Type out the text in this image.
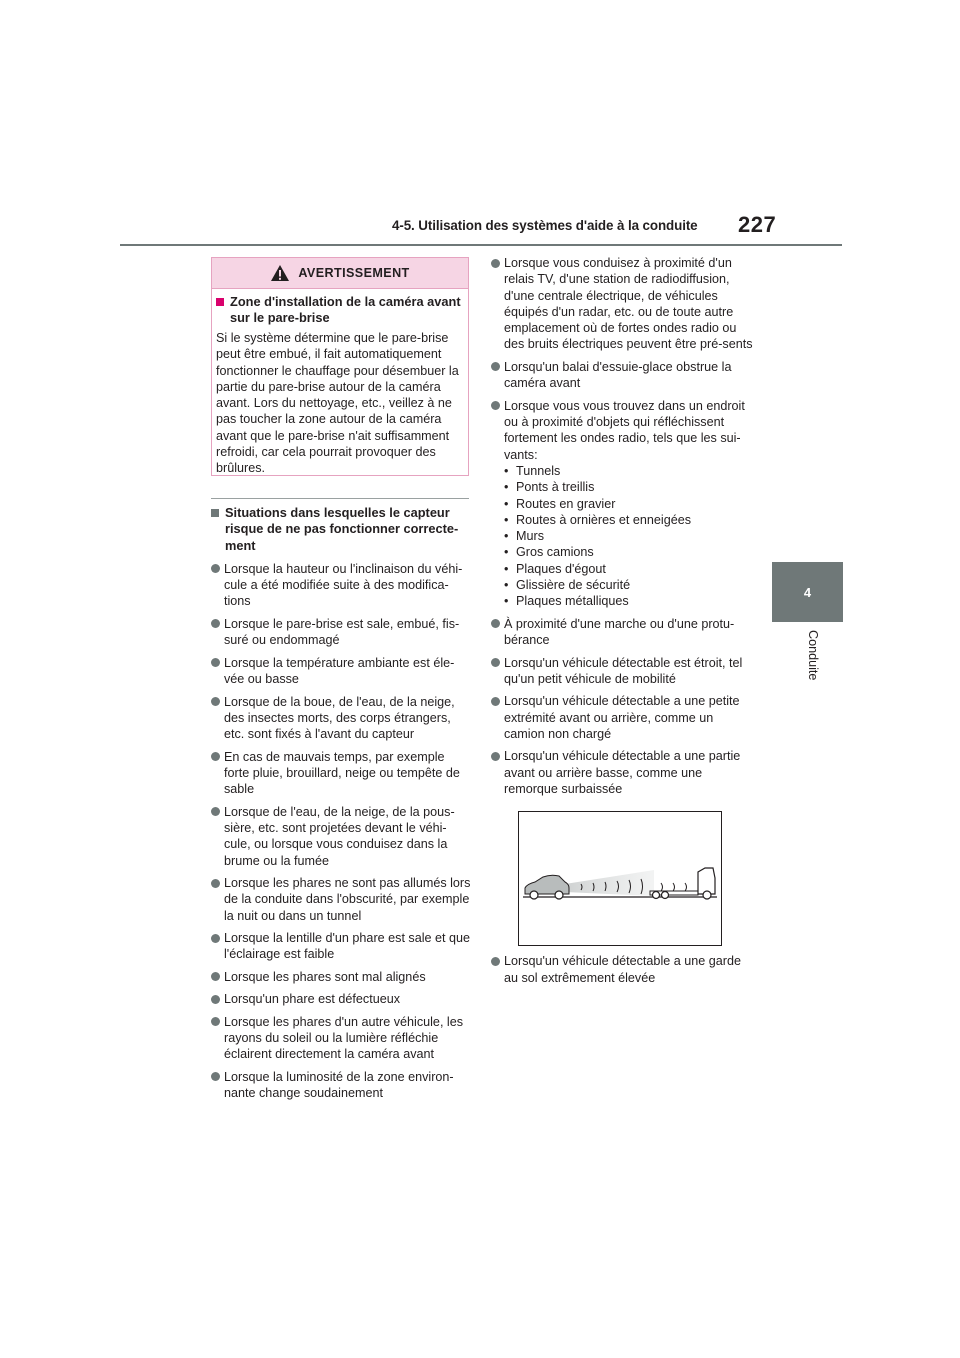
4-5. Utilisation des systèmes d'aide à la conduite 227
4
Conduite
AVERTISSEMENT
Zone d'installation de la caméra avant sur le pare-brise
Si le système détermine que le pare-brise peut être embué, il fait automatiquement fonctionner le chauffage pour désembuer la partie du pare-brise autour de la caméra avant. Lors du nettoyage, etc., veillez à ne pas toucher la zone autour de la caméra avant que le pare-brise n'ait suffisamment refroidi, car cela pourrait provoquer des brûlures.
Situations dans lesquelles le capteur risque de ne pas fonctionner correcte-ment
Lorsque la hauteur ou l'inclinaison du véhi-cule a été modifiée suite à des modifica-tions
Lorsque le pare-brise est sale, embué, fis-suré ou endommagé
Lorsque la température ambiante est éle-vée ou basse
Lorsque de la boue, de l'eau, de la neige, des insectes morts, des corps étrangers, etc. sont fixés à l'avant du capteur
En cas de mauvais temps, par exemple forte pluie, brouillard, neige ou tempête de sable
Lorsque de l'eau, de la neige, de la pous-sière, etc. sont projetées devant le véhi-cule, ou lorsque vous conduisez dans la brume ou la fumée
Lorsque les phares ne sont pas allumés lors de la conduite dans l'obscurité, par exemple la nuit ou dans un tunnel
Lorsque la lentille d'un phare est sale et que l'éclairage est faible
Lorsque les phares sont mal alignés
Lorsqu'un phare est défectueux
Lorsque les phares d'un autre véhicule, les rayons du soleil ou la lumière réfléchie éclairent directement la caméra avant
Lorsque la luminosité de la zone environ-nante change soudainement
Lorsque vous conduisez à proximité d'un relais TV, d'une station de radiodiffusion, d'une centrale électrique, de véhicules équipés d'un radar, etc. ou de toute autre emplacement où de fortes ondes radio ou des bruits électriques peuvent être pré-sents
Lorsqu'un balai d'essuie-glace obstrue la caméra avant
Lorsque vous vous trouvez dans un endroit ou à proximité d'objets qui réfléchissent fortement les ondes radio, tels que les sui-vants:
• Tunnels
• Ponts à treillis
• Routes en gravier
• Routes à ornières et enneigées
• Murs
• Gros camions
• Plaques d'égout
• Glissière de sécurité
• Plaques métalliques
À proximité d'une marche ou d'une protu-bérance
Lorsqu'un véhicule détectable est étroit, tel qu'un petit véhicule de mobilité
Lorsqu'un véhicule détectable a une petite extrémité avant ou arrière, comme un camion non chargé
Lorsqu'un véhicule détectable a une partie avant ou arrière basse, comme une remorque surbaissée
Lorsqu'un véhicule détectable a une garde au sol extrêmement élevée
